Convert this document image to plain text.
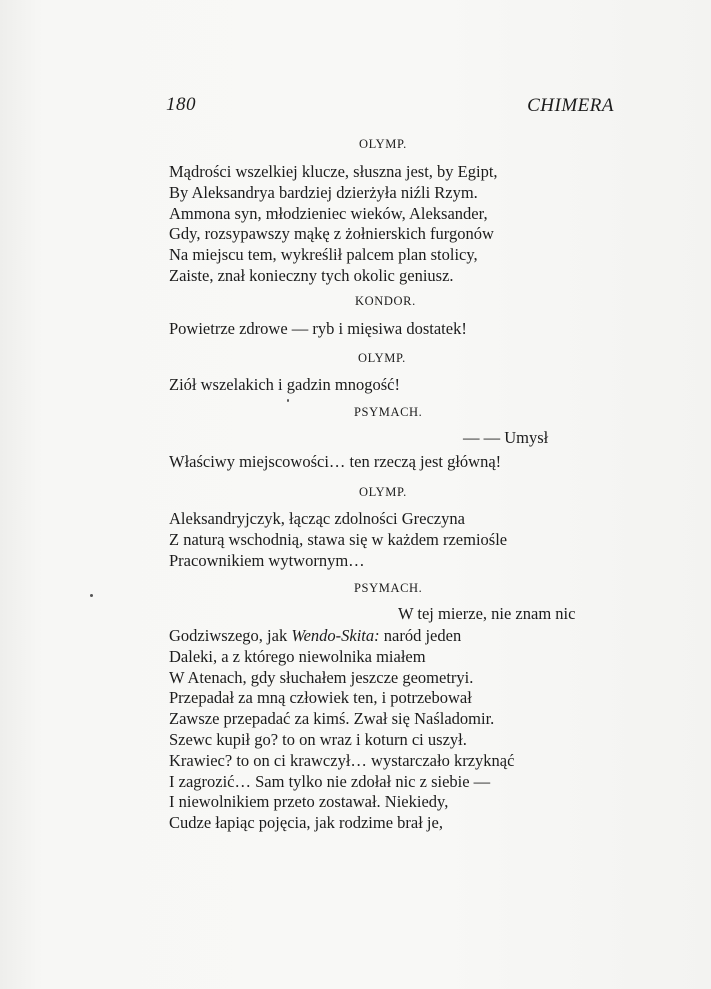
180	CHIMERA
OLYMP.
Mądrości wszelkiej klucze, słuszna jest, by Egipt,
By Aleksandrya bardziej dzierżyła niźli Rzym.
Ammona syn, młodzieniec wieków, Aleksander,
Gdy, rozsypawszy mąkę z żołnierskich furgonów
Na miejscu tem, wykreślił palcem plan stolicy,
Zaiste, znał konieczny tych okolic geniusz.
KONDOR.
Powietrze zdrowe — ryb i mięsiwa dostatek!
OLYMP.
Ziół wszelakich i gadzin mnogość!
PSYMACH.
— — Umysł
Właściwy miejscowości… ten rzeczą jest główną!
OLYMP.
Aleksandryjczyk, łącząc zdolności Greczyna
Z naturą wschodnią, stawa się w każdem rzemiośle
Pracownikiem wytwornym…
PSYMACH.
W tej mierze, nie znam nic
Godziwszego, jak Wendo-Skita: naród jeden
Daleki, a z którego niewolnika miałem
W Atenach, gdy słuchałem jeszcze geometryi.
Przepadał za mną człowiek ten, i potrzebował
Zawsze przepadać za kimś. Zwał się Naśladomir.
Szewc kupił go? to on wraz i koturn ci uszył.
Krawiec? to on ci krawczył… wystarczało krzyknąć
I zagrozić… Sam tylko nie zdołał nic z siebie —
I niewolnikiem przeto zostawał. Niekiedy,
Cudze łapiąc pojęcia, jak rodzime brał je,
